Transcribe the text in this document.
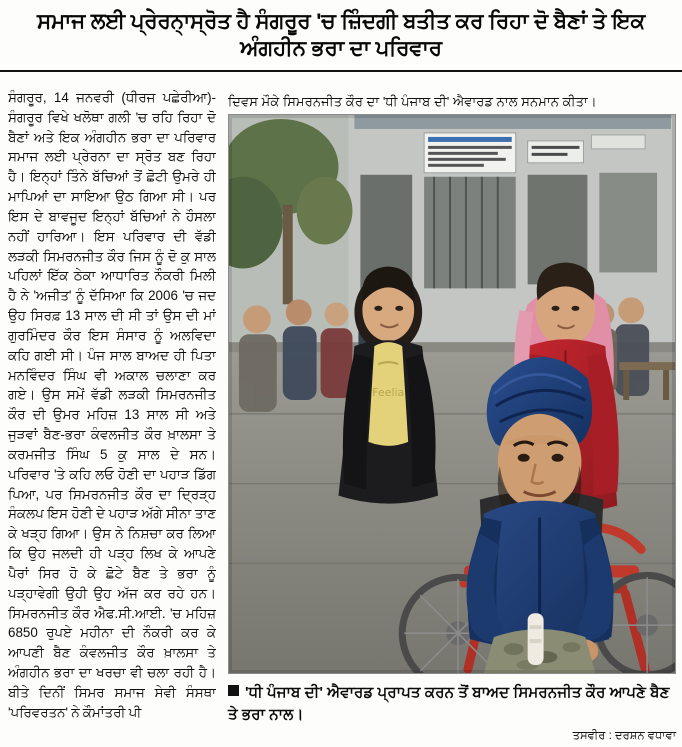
ਸਮਾਜ ਲਈ ਪ੍ਰੇਰਨਾ੍ਸ੍ਰੋਤ ਹੈ ਸੰਗਰੂਰ 'ਚ ਜ਼ਿੰਦਗੀ ਬਤੀਤ ਕਰ ਰਿਹਾ ਦੋ ਬੈਣਾਂ ਤੇ ਇਕ ਅੰਗਹੀਨ ਭਰਾ ਦਾ ਪਰਿਵਾਰ

ਸੰਗਰੂਰ, 14 ਜਨਵਰੀ (ਧੀਰਜ ਪਛੇਰੀਆ)-ਸੰਗਰੂਰ ਵਿਖੇ ਖਲੋਥਾ ਗਲੀ 'ਚ ਰਹਿ ਰਿਹਾ ਦੋ ਬੈਣਾਂ ਅਤੇ ਇਕ ਅੰਗਹੀਨ ਭਰਾ ਦਾ ਪਰਿਵਾਰ ਸਮਾਜ ਲਈ ਪ੍ਰੇਰਨਾ ਦਾ ਸ੍ਰੋਤ ਬਣ ਰਿਹਾ ਹੈ। ਇਨ੍ਹਾਂ ਤਿੰਨੇ ਬੱਚਿਆਂ ਤੋਂ ਛੋਟੀ ਉਮਰੇ ਹੀ ਮਾਪਿਆਂ ਦਾ ਸਾਇਆ ਉਠ ਗਿਆ ਸੀ। ਪਰ ਇਸ ਦੇ ਬਾਵਜੂਦ ਇਨ੍ਹਾਂ ਬੱਚਿਆਂ ਨੇ ਹੌਸਲਾ ਨਹੀਂ ਹਾਰਿਆ। ਇਸ ਪਰਿਵਾਰ ਦੀ ਵੱਡੀ ਲੜਕੀ ਸਿਮਰਨਜੀਤ ਕੌਰ ਜਿਸ ਨੂੰ ਦੋ ਕੁ ਸਾਲ ਪਹਿਲਾਂ ਇੱਕ ਠੇਕਾ ਆਧਾਰਿਤ ਨੌਕਰੀ ਮਿਲੀ ਹੈ ਨੇ 'ਅਜੀਤ' ਨੂੰ ਦੱਸਿਆ ਕਿ 2006 'ਚ ਜਦ ਉਹ ਸਿਰਫ਼ 13 ਸਾਲ ਦੀ ਸੀ ਤਾਂ ਉਸ ਦੀ ਮਾਂ ਗੁਰਮਿੰਦਰ ਕੌਰ ਇਸ ਸੰਸਾਰ ਨੂੰ ਅਲਵਿਦਾ ਕਹਿ ਗਈ ਸੀ। ਪੰਜ ਸਾਲ ਬਾਅਦ ਹੀ ਪਿਤਾ ਮਨਵਿੰਦਰ ਸਿੰਘ ਵੀ ਅਕਾਲ ਚਲਾਣਾ ਕਰ ਗਏ। ਉਸ ਸਮੇਂ ਵੱਡੀ ਲੜਕੀ ਸਿਮਰਨਜੀਤ ਕੌਰ ਦੀ ਉਮਰ ਮਹਿਜ਼ 13 ਸਾਲ ਸੀ ਅਤੇ ਜੁੜਵਾਂ ਬੈਣ-ਭਰਾ ਕੰਵਲਜੀਤ ਕੌਰ ਖ਼ਾਲਸਾ ਤੇ ਕਰਮਜੀਤ ਸਿੰਘ 5 ਕੁ ਸਾਲ ਦੇ ਸਨ। ਪਰਿਵਾਰ 'ਤੇ ਕਹਿ ਲਓ ਹੋਣੀ ਦਾ ਪਹਾੜ ਡਿੱਗ ਪਿਆ, ਪਰ ਸਿਮਰਨਜੀਤ ਕੌਰ ਦਾ ਦ੍ਰਿੜ੍ਹ ਸੰਕਲਪ ਇਸ ਹੋਣੀ ਦੇ ਪਹਾੜ ਅੱਗੇ ਸੀਨਾ ਤਾਣ ਕੇ ਖੜ੍ਹ ਗਿਆ। ਉਸ ਨੇ ਨਿਸ਼ਚਾ ਕਰ ਲਿਆ ਕਿ ਉਹ ਜਲਦੀ ਹੀ ਪੜ੍ਹ ਲਿਖ ਕੇ ਆਪਣੇ ਪੈਰਾਂ ਸਿਰ ਹੋ ਕੇ ਛੋਟੇ ਬੈਣ ਤੇ ਭਰਾ ਨੂੰ ਪੜ੍ਹਾਵੇਗੀ ਉਹੀ ਉਹ ਅੱਜ ਕਰ ਰਹੇ ਹਨ। ਸਿਮਰਨਜੀਤ ਕੌਰ ਐਫ.ਸੀ.ਆਈ. 'ਚ ਮਹਿਜ਼ 6850 ਰੁਪਏ ਮਹੀਨਾ ਦੀ ਨੌਕਰੀ ਕਰ ਕੇ ਆਪਣੀ ਬੈਣ ਕੰਵਲਜੀਤ ਕੌਰ ਖ਼ਾਲਸਾ ਤੇ ਅੰਗਹੀਨ ਭਰਾ ਦਾ ਖਰਚਾ ਵੀ ਚਲਾ ਰਹੀ ਹੈ। ਬੀਤੇ ਦਿਨੀਂ ਸਿਮਰ ਸਮਾਜ ਸੇਵੀ ਸੰਸਥਾ 'ਪਰਿਵਰਤਨ' ਨੇ ਕੌਮਾਂਤਰੀ ਪੀ

ਦਿਵਸ ਮੌਕੇ ਸਿਮਰਨਜੀਤ ਕੌਰ ਦਾ 'ਧੀ ਪੰਜਾਬ ਦੀ' ਐਵਾਰਡ ਨਾਲ ਸਨਮਾਨ ਕੀਤਾ।
Feelia
'ਧੀ ਪੰਜਾਬ ਦੀ' ਐਵਾਰਡ ਪ੍ਰਾਪਤ ਕਰਨ ਤੋਂ ਬਾਅਦ ਸਿਮਰਨਜੀਤ ਕੌਰ ਆਪਣੇ ਬੈਣ ਤੇ ਭਰਾ ਨਾਲ।
ਤਸਵੀਰ : ਦਰਸ਼ਨ ਵਧਾਵਾ
